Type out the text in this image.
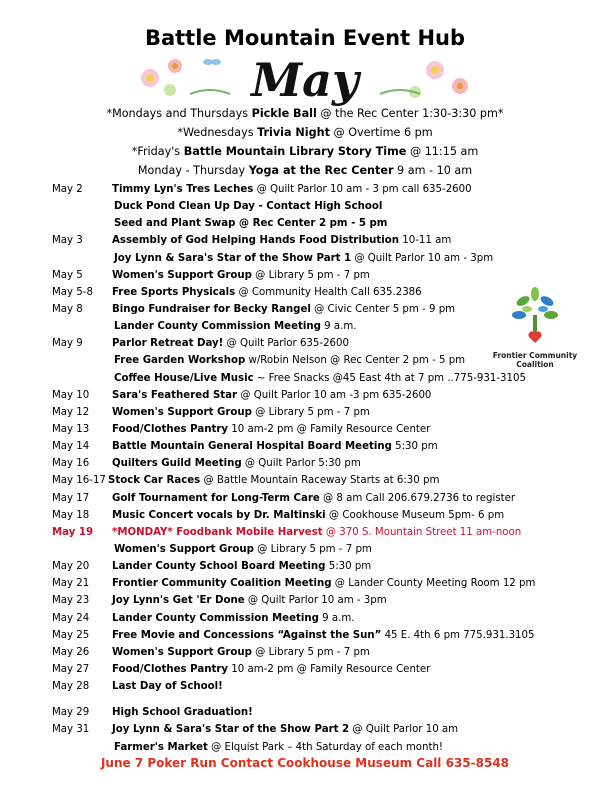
Battle Mountain Event Hub
May
*Mondays and Thursdays Pickle Ball @ the Rec Center 1:30-3:30 pm*
*Wednesdays Trivia Night @ Overtime 6 pm
*Friday's Battle Mountain Library Story Time @ 11:15 am
Monday - Thursday Yoga at the Rec Center 9 am - 10 am
May 2	Timmy Lyn's Tres Leches @ Quilt Parlor 10 am - 3 pm call 635-2600
Duck Pond Clean Up Day - Contact High School
Seed and Plant Swap @ Rec Center 2 pm - 5 pm
May 3	Assembly of God Helping Hands Food Distribution 10-11 am
Joy Lynn & Sara's Star of the Show Part 1 @ Quilt Parlor 10 am - 3pm
May 5	Women's Support Group @ Library 5 pm - 7 pm
May 5-8 Free Sports Physicals @ Community Health Call 635.2386
May 8	Bingo Fundraiser for Becky Rangel @ Civic Center 5 pm - 9 pm
Lander County Commission Meeting 9 a.m.
May 9	Parlor Retreat Day! @ Quilt Parlor 635-2600
Free Garden Workshop w/Robin Nelson @ Rec Center 2 pm - 5 pm
Coffee House/Live Music ~ Free Snacks @45 East 4th at 7 pm ..775-931-3105
May 10 Sara's Feathered Star @ Quilt Parlor 10 am -3 pm 635-2600
May 12 Women's Support Group @ Library 5 pm - 7 pm
May 13 Food/Clothes Pantry 10 am-2 pm @ Family Resource Center
May 14 Battle Mountain General Hospital Board Meeting 5:30 pm
May 16 Quilters Guild Meeting @ Quilt Parlor 5:30 pm
May 16-17 Stock Car Races @ Battle Mountain Raceway Starts at 6:30 pm
May 17 Golf Tournament for Long-Term Care @ 8 am Call 206.679.2736 to register
May 18 Music Concert vocals by Dr. Maltinski @ Cookhouse Museum 5pm- 6 pm
May 19 *MONDAY* Foodbank Mobile Harvest @ 370 S. Mountain Street 11 am-noon
Women's Support Group @ Library 5 pm - 7 pm
May 20 Lander County School Board Meeting 5:30 pm
May 21 Frontier Community Coalition Meeting @ Lander County Meeting Room 12 pm
May 23 Joy Lynn's Get 'Er Done @ Quilt Parlor 10 am - 3pm
May 24 Lander County Commission Meeting 9 a.m.
May 25 Free Movie and Concessions “Against the Sun” 45 E. 4th 6 pm 775.931.3105
May 26 Women's Support Group @ Library 5 pm - 7 pm
May 27 Food/Clothes Pantry 10 am-2 pm @ Family Resource Center
May 28 Last Day of School!
May 29 High School Graduation!
May 31 Joy Lynn & Sara's Star of the Show Part 2 @ Quilt Parlor 10 am
Farmer's Market @ Elquist Park – 4th Saturday of each month!
Frontier Community Coalition
June 7 Poker Run Contact Cookhouse Museum Call 635-8548
